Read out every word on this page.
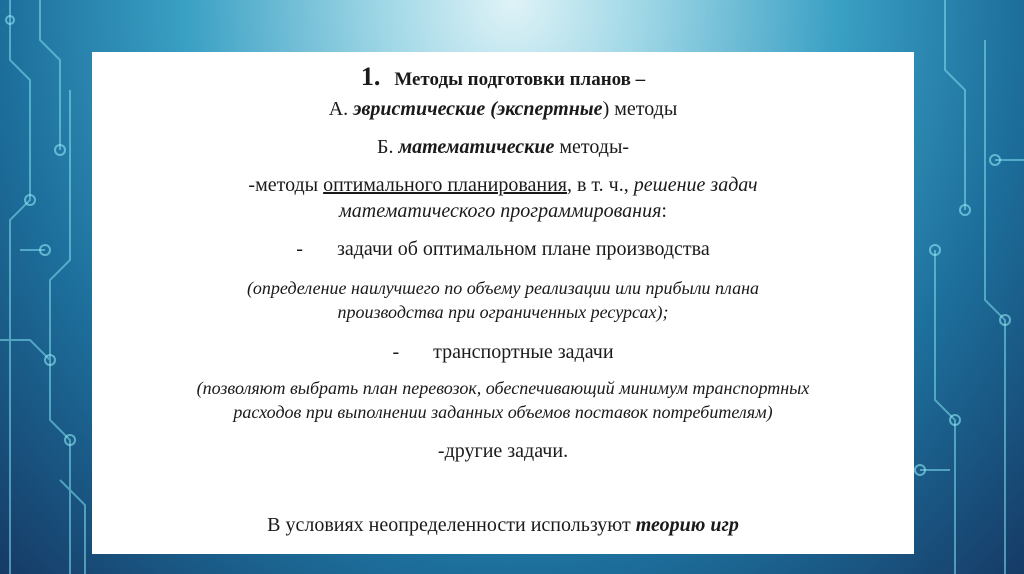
1. Методы подготовки планов –
А. эвристические (экспертные) методы
Б. математические методы-
-методы оптимального планирования, в т. ч., решение задач
математического программирования:
- задачи об оптимальном плане производства
(определение наилучшего по объему реализации или прибыли плана
производства при ограниченных ресурсах);
- транспортные задачи
(позволяют выбрать план перевозок, обеспечивающий минимум транспортных
расходов при выполнении заданных объемов поставок потребителям)
-другие задачи.
В условиях неопределенности используют теорию игр
